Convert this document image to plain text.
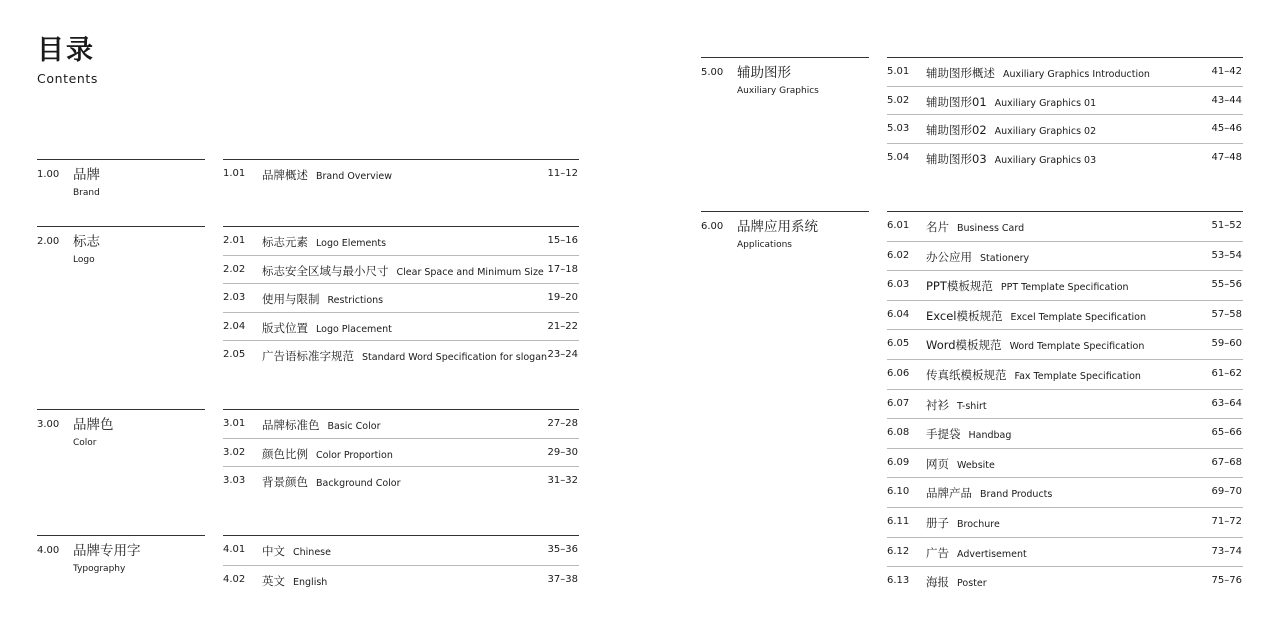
目录
Contents
1.00 品牌
Brand
1.01 品牌概述 Brand Overview	11–12
2.00 标志
Logo
2.01 标志元素 Logo Elements	15–16
2.02 标志安全区域与最小尺寸 Clear Space and Minimum Size 17–18
2.03 使用与限制 Restrictions	19–20
2.04 版式位置 Logo Placement	21–22
2.05 广告语标准字规范 Standard Word Specification for slogan 23–24
3.00 品牌色
Color
3.01 品牌标准色 Basic Color	27–28
3.02 颜色比例 Color Proportion	29–30
3.03 背景颜色 Background Color	31–32
4.00 品牌专用字
Typography
4.01 中文 Chinese	35–36
4.02 英文 English	37–38
5.00 辅助图形
Auxiliary Graphics
5.01 辅助图形概述 Auxiliary Graphics Introduction	41–42
5.02 辅助图形01 Auxiliary Graphics 01	43–44
5.03 辅助图形02 Auxiliary Graphics 02	45–46
5.04 辅助图形03 Auxiliary Graphics 03	47–48
6.00 品牌应用系统
Applications
6.01 名片 Business Card	51–52
6.02 办公应用 Stationery	53–54
6.03 PPT模板规范 PPT Template Specification	55–56
6.04 Excel模板规范 Excel Template Specification	57–58
6.05 Word模板规范 Word Template Specification	59–60
6.06 传真纸模板规范 Fax Template Specification	61–62
6.07 衬衫 T-shirt	63–64
6.08 手提袋 Handbag	65–66
6.09 网页 Website	67–68
6.10 品牌产品 Brand Products	69–70
6.11 册子 Brochure	71–72
6.12 广告 Advertisement	73–74
6.13 海报 Poster	75–76
